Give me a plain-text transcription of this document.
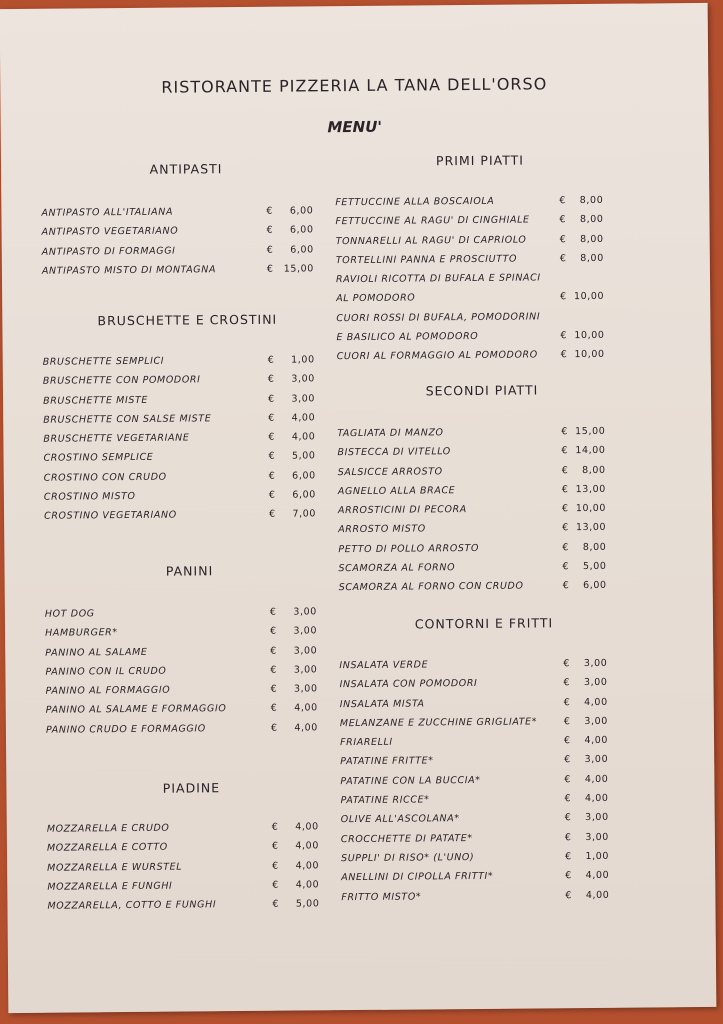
RISTORANTE PIZZERIA LA TANA DELL'ORSO
MENU'
ANTIPASTI
ANTIPASTO ALL'ITALIANA	€	6,00
ANTIPASTO VEGETARIANO	€	6,00
ANTIPASTO DI FORMAGGI	€	6,00
ANTIPASTO MISTO DI MONTAGNA	€	15,00
BRUSCHETTE E CROSTINI
BRUSCHETTE SEMPLICI	€	1,00
BRUSCHETTE CON POMODORI	€	3,00
BRUSCHETTE MISTE	€	3,00
BRUSCHETTE CON SALSE MISTE	€	4,00
BRUSCHETTE VEGETARIANE	€	4,00
CROSTINO SEMPLICE	€	5,00
CROSTINO CON CRUDO	€	6,00
CROSTINO MISTO	€	6,00
CROSTINO VEGETARIANO	€	7,00
PANINI
HOT DOG	€	3,00
HAMBURGER*	€	3,00
PANINO AL SALAME	€	3,00
PANINO CON IL CRUDO	€	3,00
PANINO AL FORMAGGIO	€	3,00
PANINO AL SALAME E FORMAGGIO	€	4,00
PANINO CRUDO E FORMAGGIO	€	4,00
PIADINE
MOZZARELLA E CRUDO	€	4,00
MOZZARELLA E COTTO	€	4,00
MOZZARELLA E WURSTEL	€	4,00
MOZZARELLA E FUNGHI	€	4,00
MOZZARELLA, COTTO E FUNGHI	€	5,00
PRIMI PIATTI
FETTUCCINE ALLA BOSCAIOLA	€	8,00
FETTUCCINE AL RAGU' DI CINGHIALE	€	8,00
TONNARELLI AL RAGU' DI CAPRIOLO	€	8,00
TORTELLINI PANNA E PROSCIUTTO	€	8,00
RAVIOLI RICOTTA DI BUFALA E SPINACI
AL POMODORO	€ 10,00
CUORI ROSSI DI BUFALA, POMODORINI
E BASILICO AL POMODORO	€ 10,00
CUORI AL FORMAGGIO AL POMODORO € 10,00
SECONDI PIATTI
TAGLIATA DI MANZO	€ 15,00
BISTECCA DI VITELLO	€ 14,00
SALSICCE ARROSTO	€	8,00
AGNELLO ALLA BRACE	€ 13,00
ARROSTICINI DI PECORA	€ 10,00
ARROSTO MISTO	€ 13,00
PETTO DI POLLO ARROSTO	€	8,00
SCAMORZA AL FORNO	€	5,00
SCAMORZA AL FORNO CON CRUDO	€	6,00
CONTORNI E FRITTI
INSALATA VERDE	€	3,00
INSALATA CON POMODORI	€	3,00
INSALATA MISTA	€	4,00
MELANZANE E ZUCCHINE GRIGLIATE*	€	3,00
FRIARELLI	€	4,00
PATATINE FRITTE*	€	3,00
PATATINE CON LA BUCCIA*	€	4,00
PATATINE RICCE*	€	4,00
OLIVE ALL'ASCOLANA*	€	3,00
CROCCHETTE DI PATATE*	€	3,00
SUPPLI' DI RISO* (L'UNO)	€	1,00
ANELLINI DI CIPOLLA FRITTI*	€	4,00
FRITTO MISTO*	€	4,00
